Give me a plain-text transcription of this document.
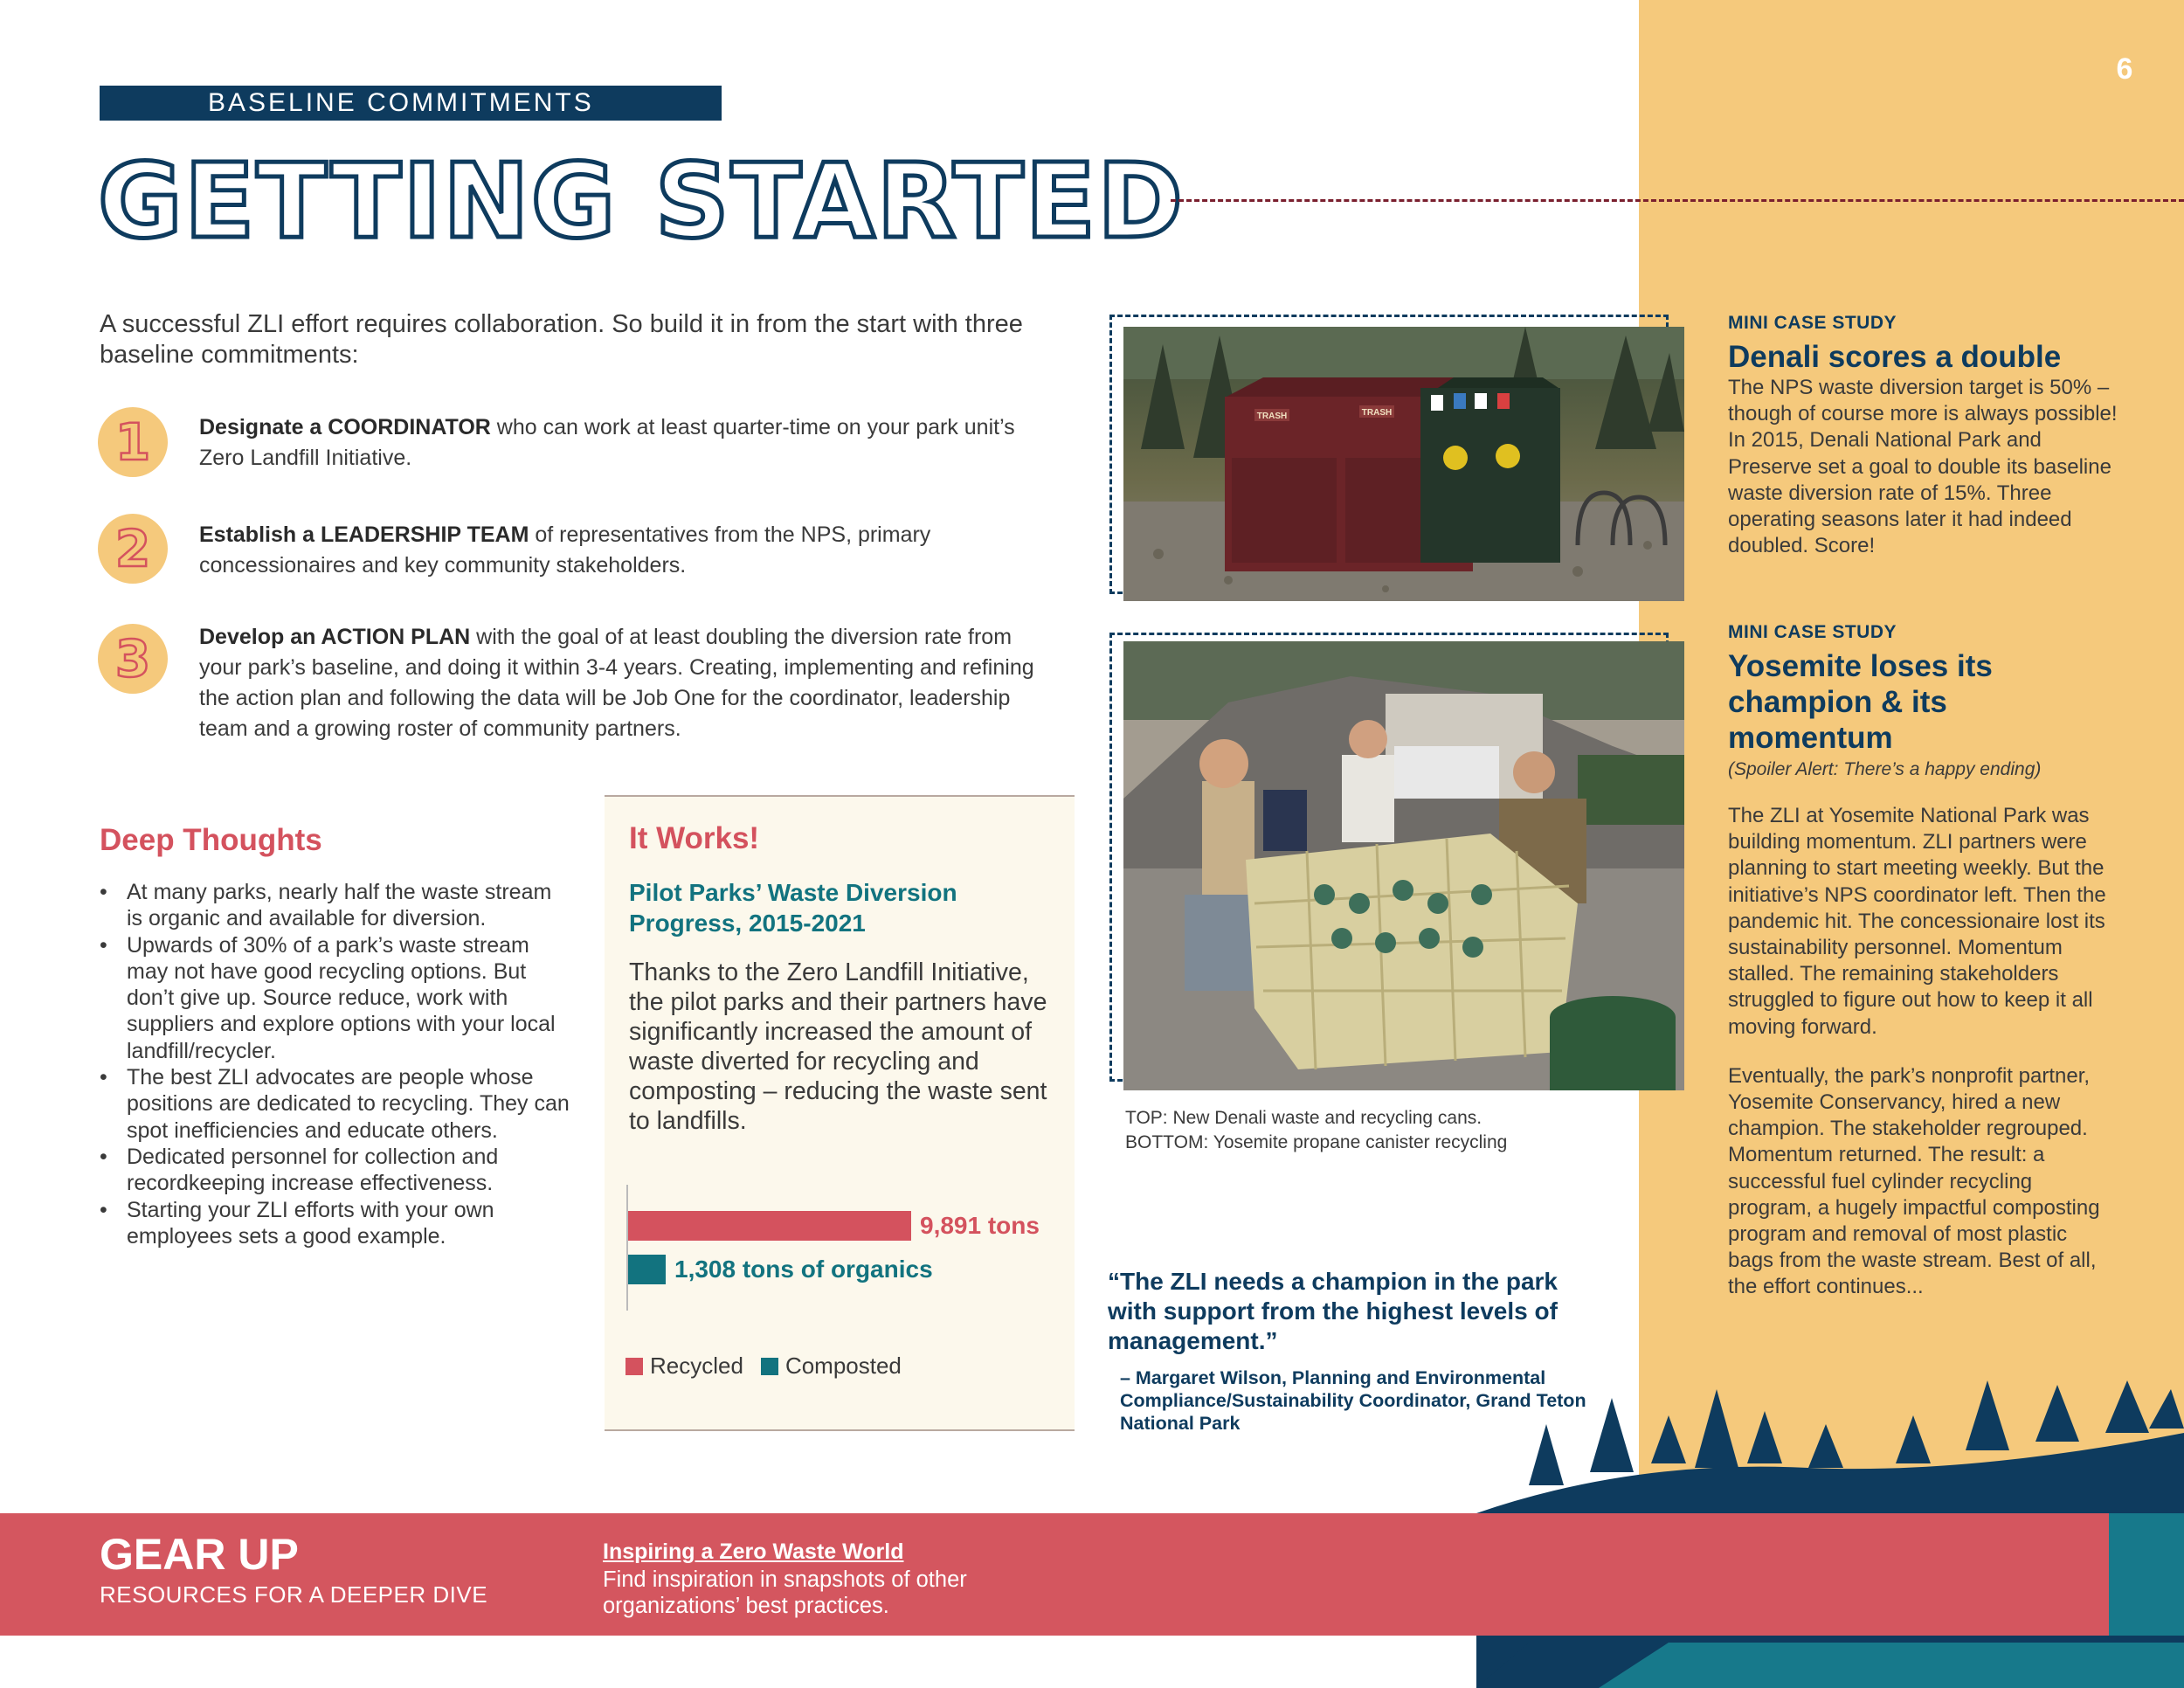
6
BASELINE COMMITMENTS
GETTING STARTED

A successful ZLI effort requires collaboration. So build it in from the start with three baseline commitments:

1	Designate a COORDINATOR who can work at least quarter-time on your park unit’s Zero Landfill Initiative.

2	Establish a LEADERSHIP TEAM of representatives from the NPS, primary concessionaires and key community stakeholders.

3	Develop an ACTION PLAN with the goal of at least doubling the diversion rate from your park’s baseline, and doing it within 3-4 years. Creating, implementing and refining the action plan and following the data will be Job One for the coordinator, leadership team and a growing roster of community partners.

Deep Thoughts
• At many parks, nearly half the waste stream is organic and available for diversion.
• Upwards of 30% of a park’s waste stream may not have good recycling options. But don’t give up. Source reduce, work with suppliers and explore options with your local landfill/recycler.
• The best ZLI advocates are people whose positions are dedicated to recycling. They can spot inefficiencies and educate others.
• Dedicated personnel for collection and recordkeeping increase effectiveness.
• Starting your ZLI efforts with your own employees sets a good example.
It Works!
Pilot Parks’ Waste Diversion Progress, 2015-2021

Thanks to the Zero Landfill Initiative, the pilot parks and their partners have significantly increased the amount of waste diverted for recycling and composting – reducing the waste sent to landfills.

9,891 tons
1,308 tons of organics
Recycled Composted
TRASH	TRASH
TOP: New Denali waste and recycling cans.
BOTTOM: Yosemite propane canister recycling

“The ZLI needs a champion in the park with support from the highest levels of management.”

– Margaret Wilson, Planning and Environmental Compliance/Sustainability Coordinator, Grand Teton National Park

MINI CASE STUDY
Denali scores a double

The NPS waste diversion target is 50% – though of course more is always possible! In 2015, Denali National Park and Preserve set a goal to double its baseline waste diversion rate of 15%. Three operating seasons later it had indeed doubled. Score!

MINI CASE STUDY
Yosemite loses its champion & its momentum
(Spoiler Alert: There’s a happy ending)

The ZLI at Yosemite National Park was building momentum. ZLI partners were planning to start meeting weekly. But the initiative’s NPS coordinator left. Then the pandemic hit. The concessionaire lost its sustainability personnel. Momentum stalled. The remaining stakeholders struggled to figure out how to keep it all moving forward.

Eventually, the park’s nonprofit partner, Yosemite Conservancy, hired a new champion. The stakeholder regrouped. Momentum returned. The result: a successful fuel cylinder recycling program, a hugely impactful composting program and removal of most plastic bags from the waste stream. Best of all, the effort continues...

GEAR UP
RESOURCES FOR A DEEPER DIVE
Inspiring a Zero Waste World

Find inspiration in snapshots of other organizations’ best practices.
